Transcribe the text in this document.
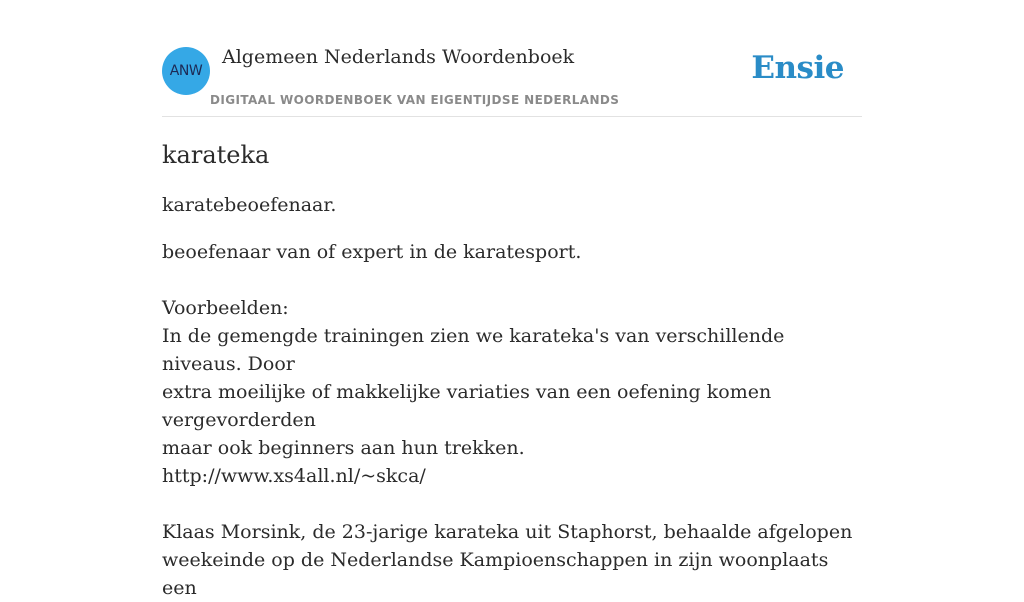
ANW
Algemeen Nederlands Woordenboek
DIGITAAL WOORDENBOEK VAN EIGENTIJDSE NEDERLANDS
Ensie
karateka

karatebeoefenaar.

beoefenaar van of expert in de karatesport.
Voorbeelden:
In de gemengde trainingen zien we karateka's van verschillende niveaus. Door
extra moeilijke of makkelijke variaties van een oefening komen vergevorderden
maar ook beginners aan hun trekken.
http://www.xs4all.nl/~skca/
Klaas Morsink, de 23-jarige karateka uit Staphorst, behaalde afgelopen
weekeinde op de Nederlandse Kampioenschappen in zijn woonplaats een
